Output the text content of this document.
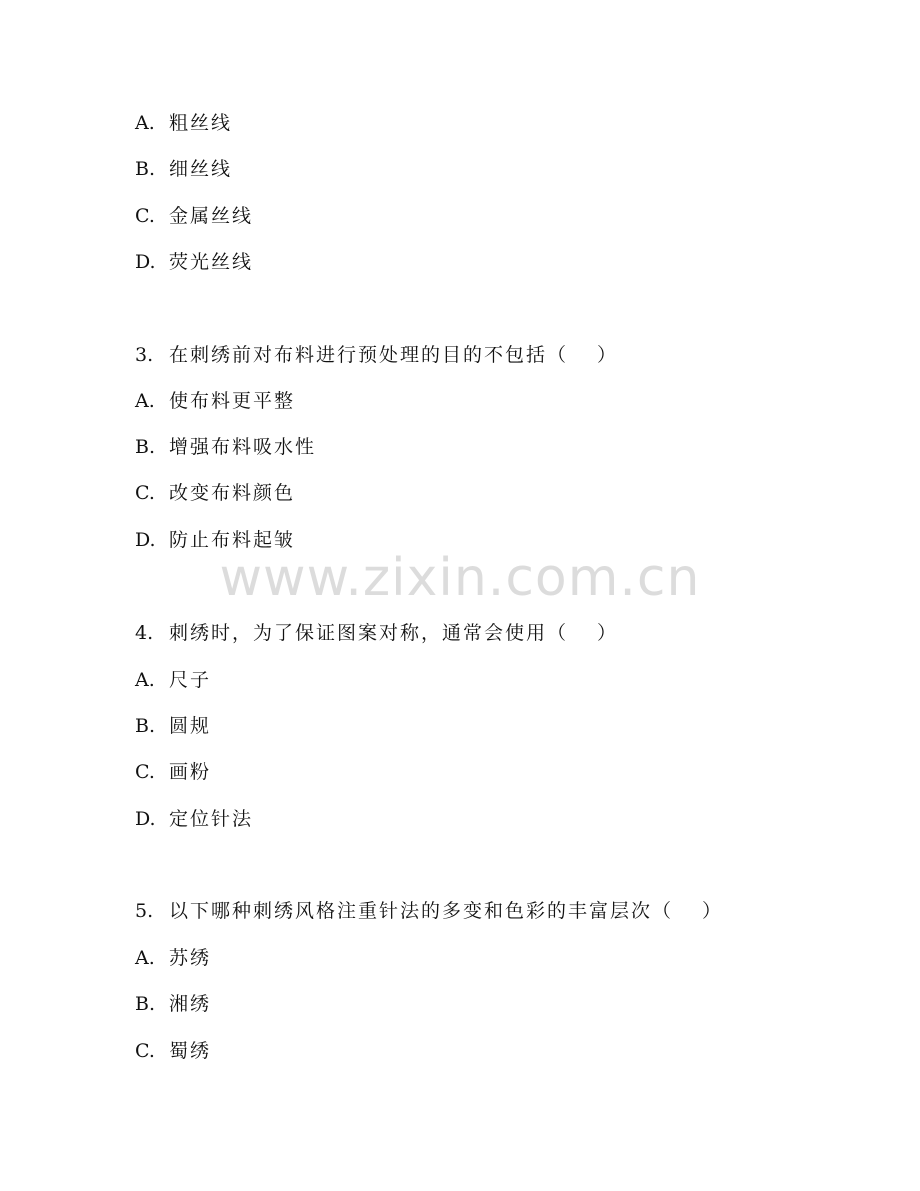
A. 粗丝线
B. 细丝线
C. 金属丝线
D. 荧光丝线
3. 在刺绣前对布料进行预处理的目的不包括（　 ）
A. 使布料更平整
B. 增强布料吸水性
C. 改变布料颜色
D. 防止布料起皱
www.zixin.com.cn
4. 刺绣时，为了保证图案对称，通常会使用（　 ）
A. 尺子
B. 圆规
C. 画粉
D. 定位针法
5. 以下哪种刺绣风格注重针法的多变和色彩的丰富层次（　 ）
A. 苏绣
B. 湘绣
C. 蜀绣
